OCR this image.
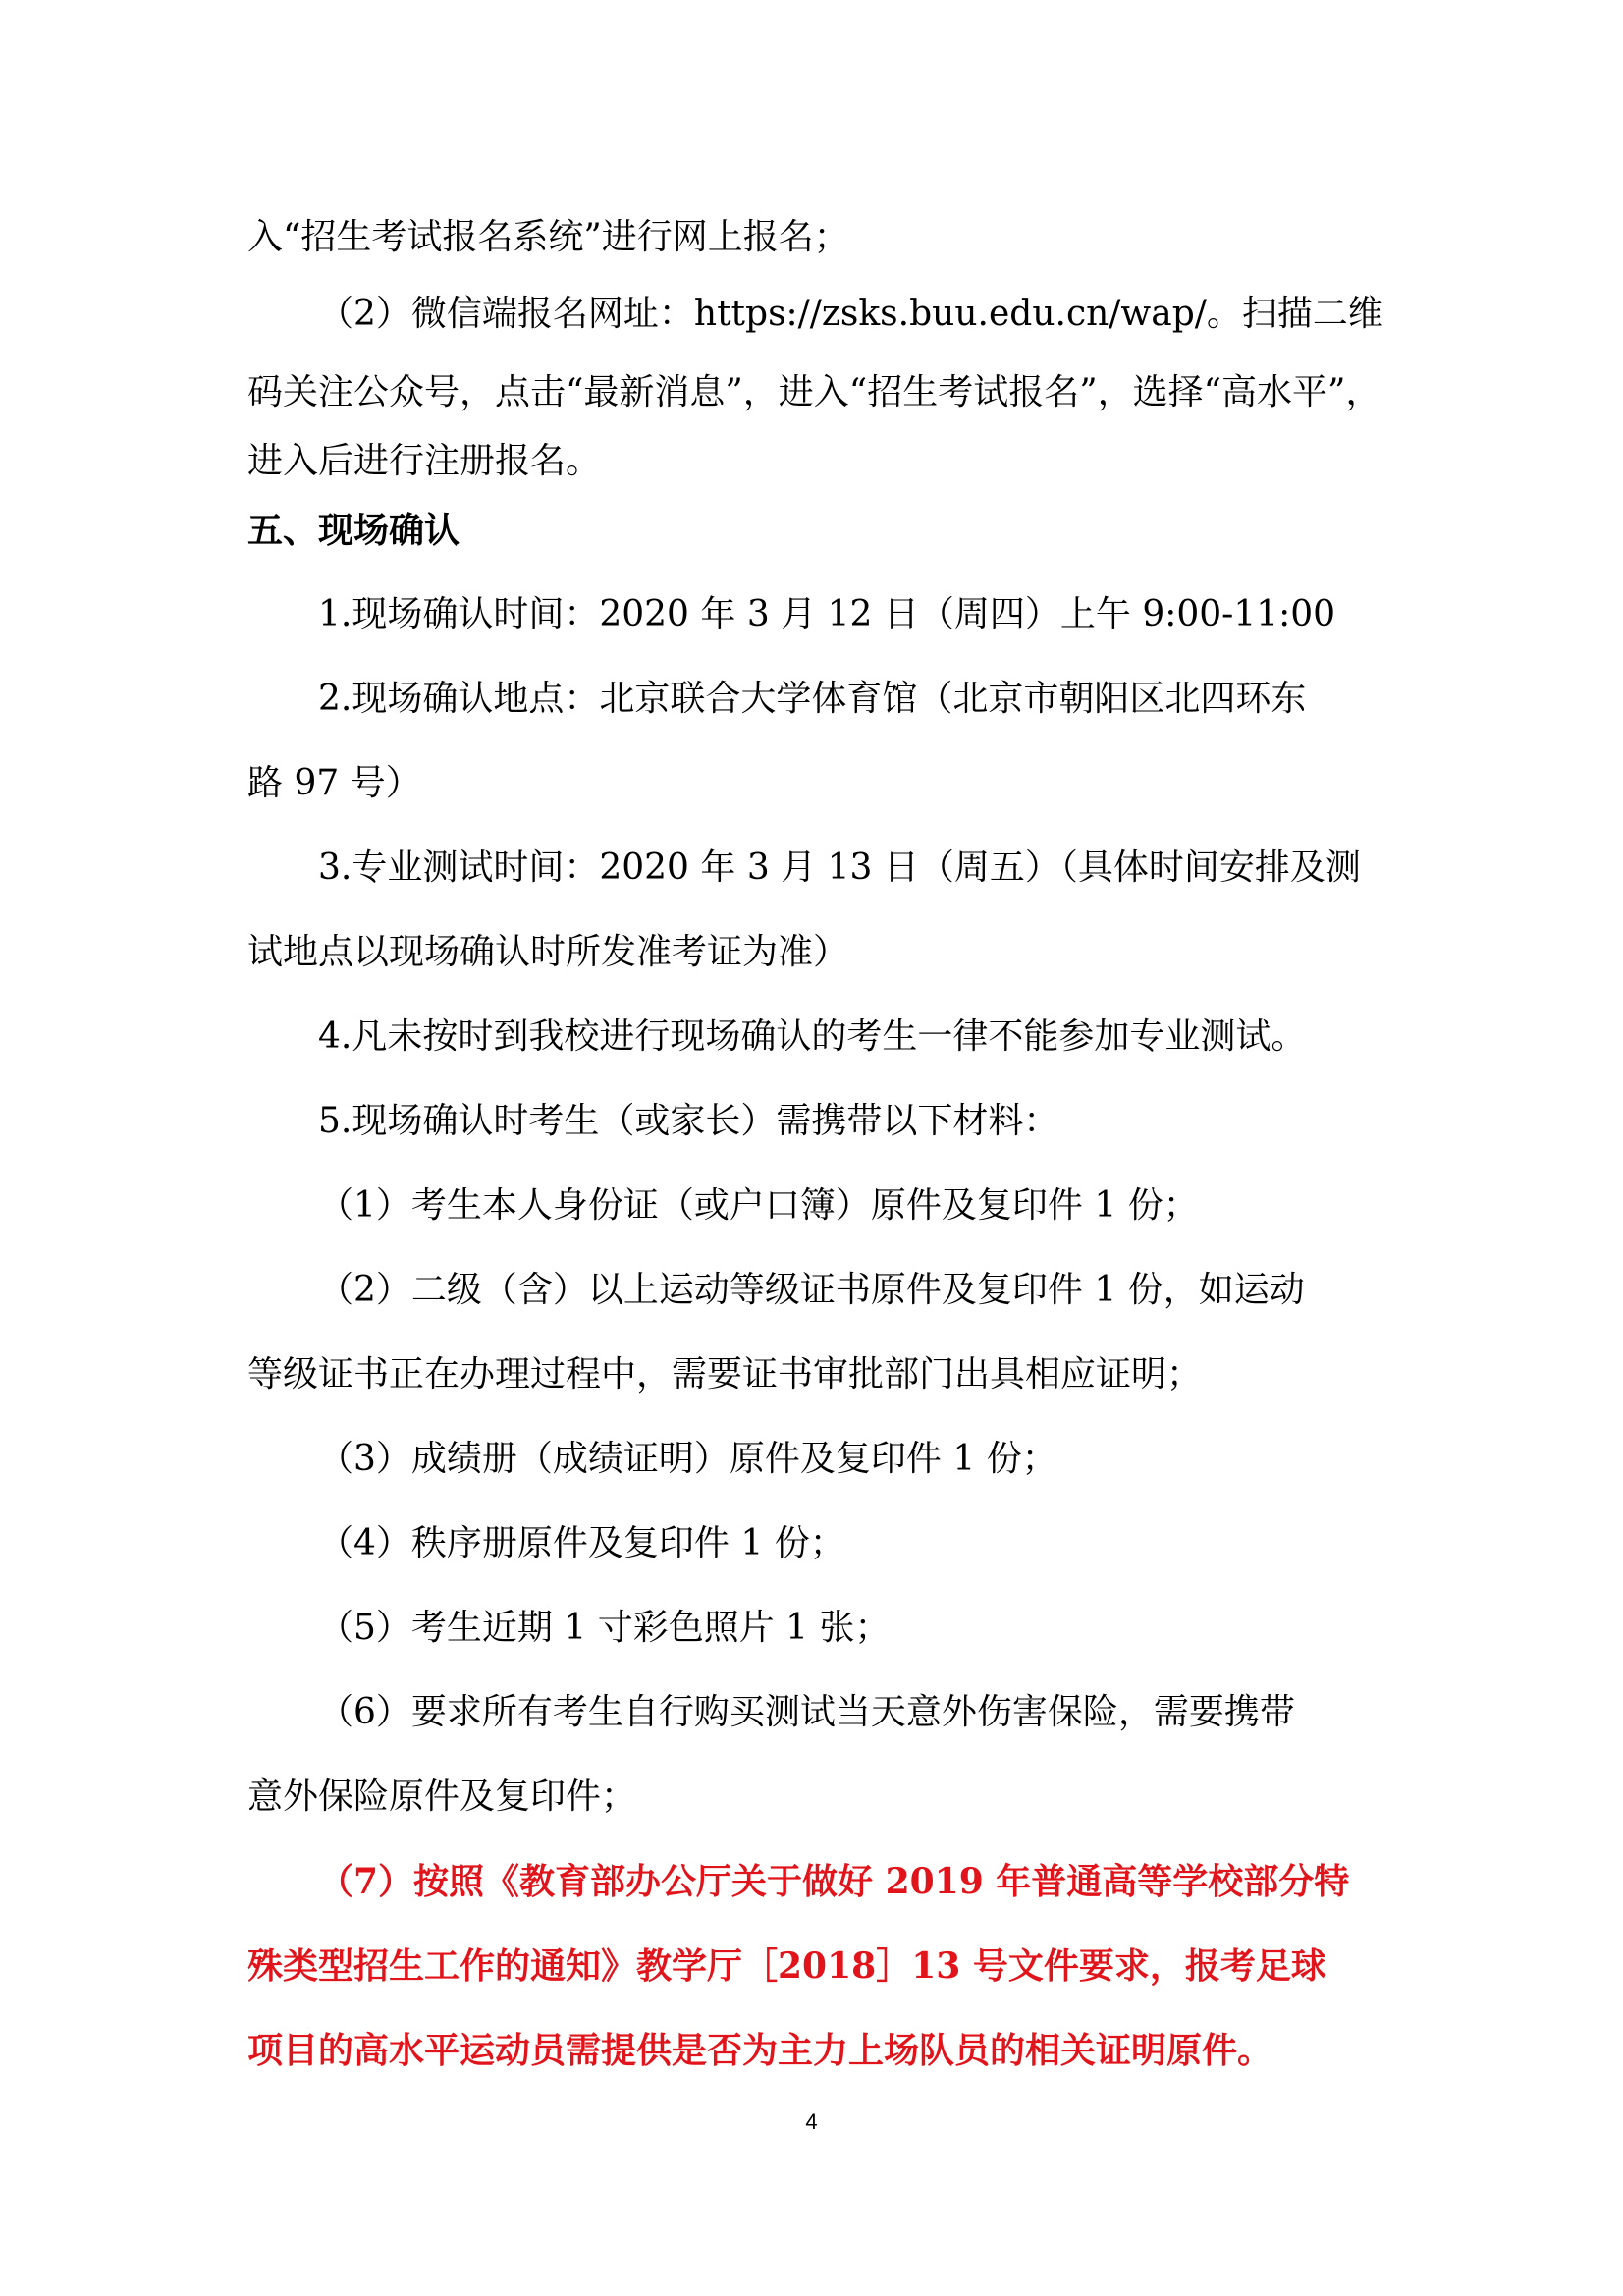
入“招生考试报名系统”进行网上报名；
（2）微信端报名网址：https://zsks.buu.edu.cn/wap/。扫描二维
码关注公众号，点击“最新消息”，进入“招生考试报名”，选择“高水平”，
进入后进行注册报名。
五、现场确认
1.现场确认时间：2020 年 3 月 12 日（周四）上午 9:00-11:00
2.现场确认地点：北京联合大学体育馆（北京市朝阳区北四环东
路 97 号）
3.专业测试时间：2020 年 3 月 13 日（周五）（具体时间安排及测
试地点以现场确认时所发准考证为准）
4.凡未按时到我校进行现场确认的考生一律不能参加专业测试。
5.现场确认时考生（或家长）需携带以下材料：
（1）考生本人身份证（或户口簿）原件及复印件 1 份；
（2）二级（含）以上运动等级证书原件及复印件 1 份，如运动
等级证书正在办理过程中，需要证书审批部门出具相应证明；
（3）成绩册（成绩证明）原件及复印件 1 份；
（4）秩序册原件及复印件 1 份；
（5）考生近期 1 寸彩色照片 1 张；
（6）要求所有考生自行购买测试当天意外伤害保险，需要携带
意外保险原件及复印件；
（7）按照《教育部办公厅关于做好 2019 年普通高等学校部分特
殊类型招生工作的通知》教学厅［2018］13 号文件要求，报考足球
项目的高水平运动员需提供是否为主力上场队员的相关证明原件。
4
